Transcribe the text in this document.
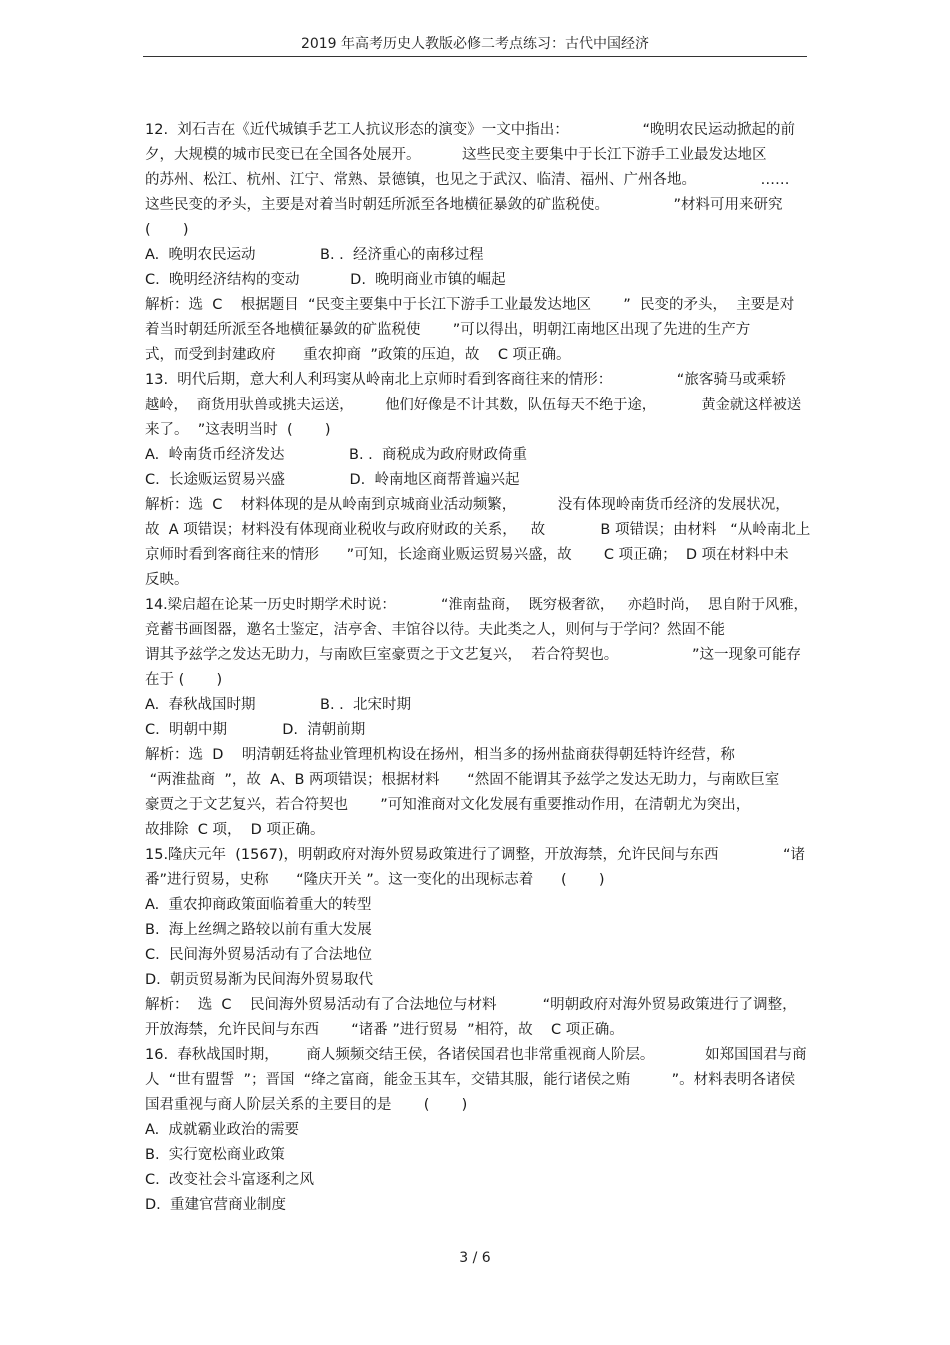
2019 年高考历史人教版必修二考点练习：古代中国经济
12.  刘石吉在《近代城镇手艺工人抗议形态的演变》一文中指出：                “晚明农民运动掀起的前
夕，大规模的城市民变已在全国各处展开。         这些民变主要集中于长江下游手工业最发达地区
的苏州、松江、杭州、江宁、常熟、景德镇，也见之于武汉、临清、福州、广州各地。              ……
这些民变的矛头，主要是对着当时朝廷所派至各地横征暴敛的矿监税使。              ”材料可用来研究
(       )
A.  晚明农民运动              B. .  经济重心的南移过程
C.  晚明经济结构的变动           D.  晚明商业市镇的崛起
解析：选  C    根据题目  “民变主要集中于长江下游手工业最发达地区       ”  民变的矛头，  主要是对
着当时朝廷所派至各地横征暴敛的矿监税使       ”可以得出，明朝江南地区出现了先进的生产方
式，而受到封建政府      重农抑商  ”政策的压迫，故    C 项正确。
13.  明代后期，意大利人利玛窦从岭南北上京师时看到客商往来的情形：              “旅客骑马或乘轿
越岭，  商货用驮兽或挑夫运送，       他们好像是不计其数，队伍每天不绝于途，          黄金就这样被送
来了。  ”这表明当时  (       )
A.  岭南货币经济发达              B. .  商税成为政府财政倚重
C.  长途贩运贸易兴盛              D.  岭南地区商帮普遍兴起
解析：选  C    材料体现的是从岭南到京城商业活动频繁，         没有体现岭南货币经济的发展状况，
故  A 项错误；材料没有体现商业税收与政府财政的关系，   故            B 项错误；由材料   “从岭南北上
京师时看到客商往来的情形      ”可知，长途商业贩运贸易兴盛，故       C 项正确；  D 项在材料中未
反映。
14.梁启超在论某一历史时期学术时说：          “淮南盐商，  既穷极奢欲，   亦趋时尚，  思自附于风雅，
竞蓄书画图器，邀名士鉴定，洁亭舍、丰馆谷以待。夫此类之人，则何与于学问？然固不能
谓其予兹学之发达无助力，与南欧巨室豪贾之于文艺复兴，  若合符契也。                ”这一现象可能存
在于 (       )
A.  春秋战国时期              B. .  北宋时期
C.  明朝中期            D.  清朝前期
解析：选  D    明清朝廷将盐业管理机构设在扬州，相当多的扬州盐商获得朝廷特许经营，称
“两淮盐商  ”，故  A、B 两项错误；根据材料      “然固不能谓其予兹学之发达无助力，与南欧巨室
豪贾之于文艺复兴，若合符契也       ”可知淮商对文化发展有重要推动作用，在清朝尤为突出，
故排除  C 项，  D 项正确。
15.隆庆元年  (1567)，明朝政府对海外贸易政策进行了调整，开放海禁，允许民间与东西              “诸
番”进行贸易，史称      “隆庆开关 ”。这一变化的出现标志着      (       )
A.  重农抑商政策面临着重大的转型
B.  海上丝绸之路较以前有重大发展
C.  民间海外贸易活动有了合法地位
D.  朝贡贸易渐为民间海外贸易取代
解析：  选  C    民间海外贸易活动有了合法地位与材料          “明朝政府对海外贸易政策进行了调整，
开放海禁，允许民间与东西       “诸番 ”进行贸易  ”相符，故    C 项正确。
16.  春秋战国时期，      商人频频交结王侯，各诸侯国君也非常重视商人阶层。           如郑国国君与商
人  “世有盟誓  ”；晋国  “绛之富商，能金玉其车，交错其服，能行诸侯之贿         ”。材料表明各诸侯
国君重视与商人阶层关系的主要目的是       (       )
A.  成就霸业政治的需要
B.  实行宽松商业政策
C.  改变社会斗富逐利之风
D.  重建官营商业制度
3 / 6
